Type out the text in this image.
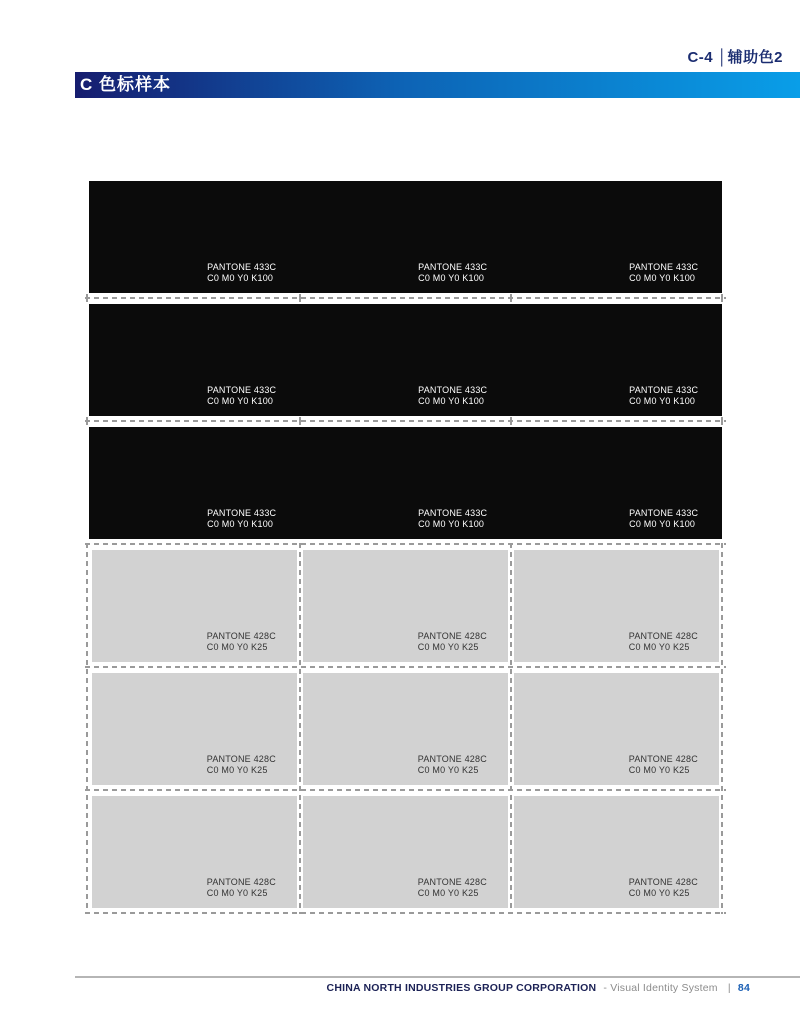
C-4 │辅助色2
C 色标样本
PANTONE 433C
C0 M0 Y0 K100
PANTONE 433C
C0 M0 Y0 K100
PANTONE 433C
C0 M0 Y0 K100
PANTONE 433C
C0 M0 Y0 K100
PANTONE 433C
C0 M0 Y0 K100
PANTONE 433C
C0 M0 Y0 K100
PANTONE 433C
C0 M0 Y0 K100
PANTONE 433C
C0 M0 Y0 K100
PANTONE 433C
C0 M0 Y0 K100
PANTONE 428C
C0 M0 Y0 K25
PANTONE 428C
C0 M0 Y0 K25
PANTONE 428C
C0 M0 Y0 K25
PANTONE 428C
C0 M0 Y0 K25
PANTONE 428C
C0 M0 Y0 K25
PANTONE 428C
C0 M0 Y0 K25
PANTONE 428C
C0 M0 Y0 K25
PANTONE 428C
C0 M0 Y0 K25
PANTONE 428C
C0 M0 Y0 K25
CHINA NORTH INDUSTRIES GROUP CORPORATION - Visual Identity System | 84
